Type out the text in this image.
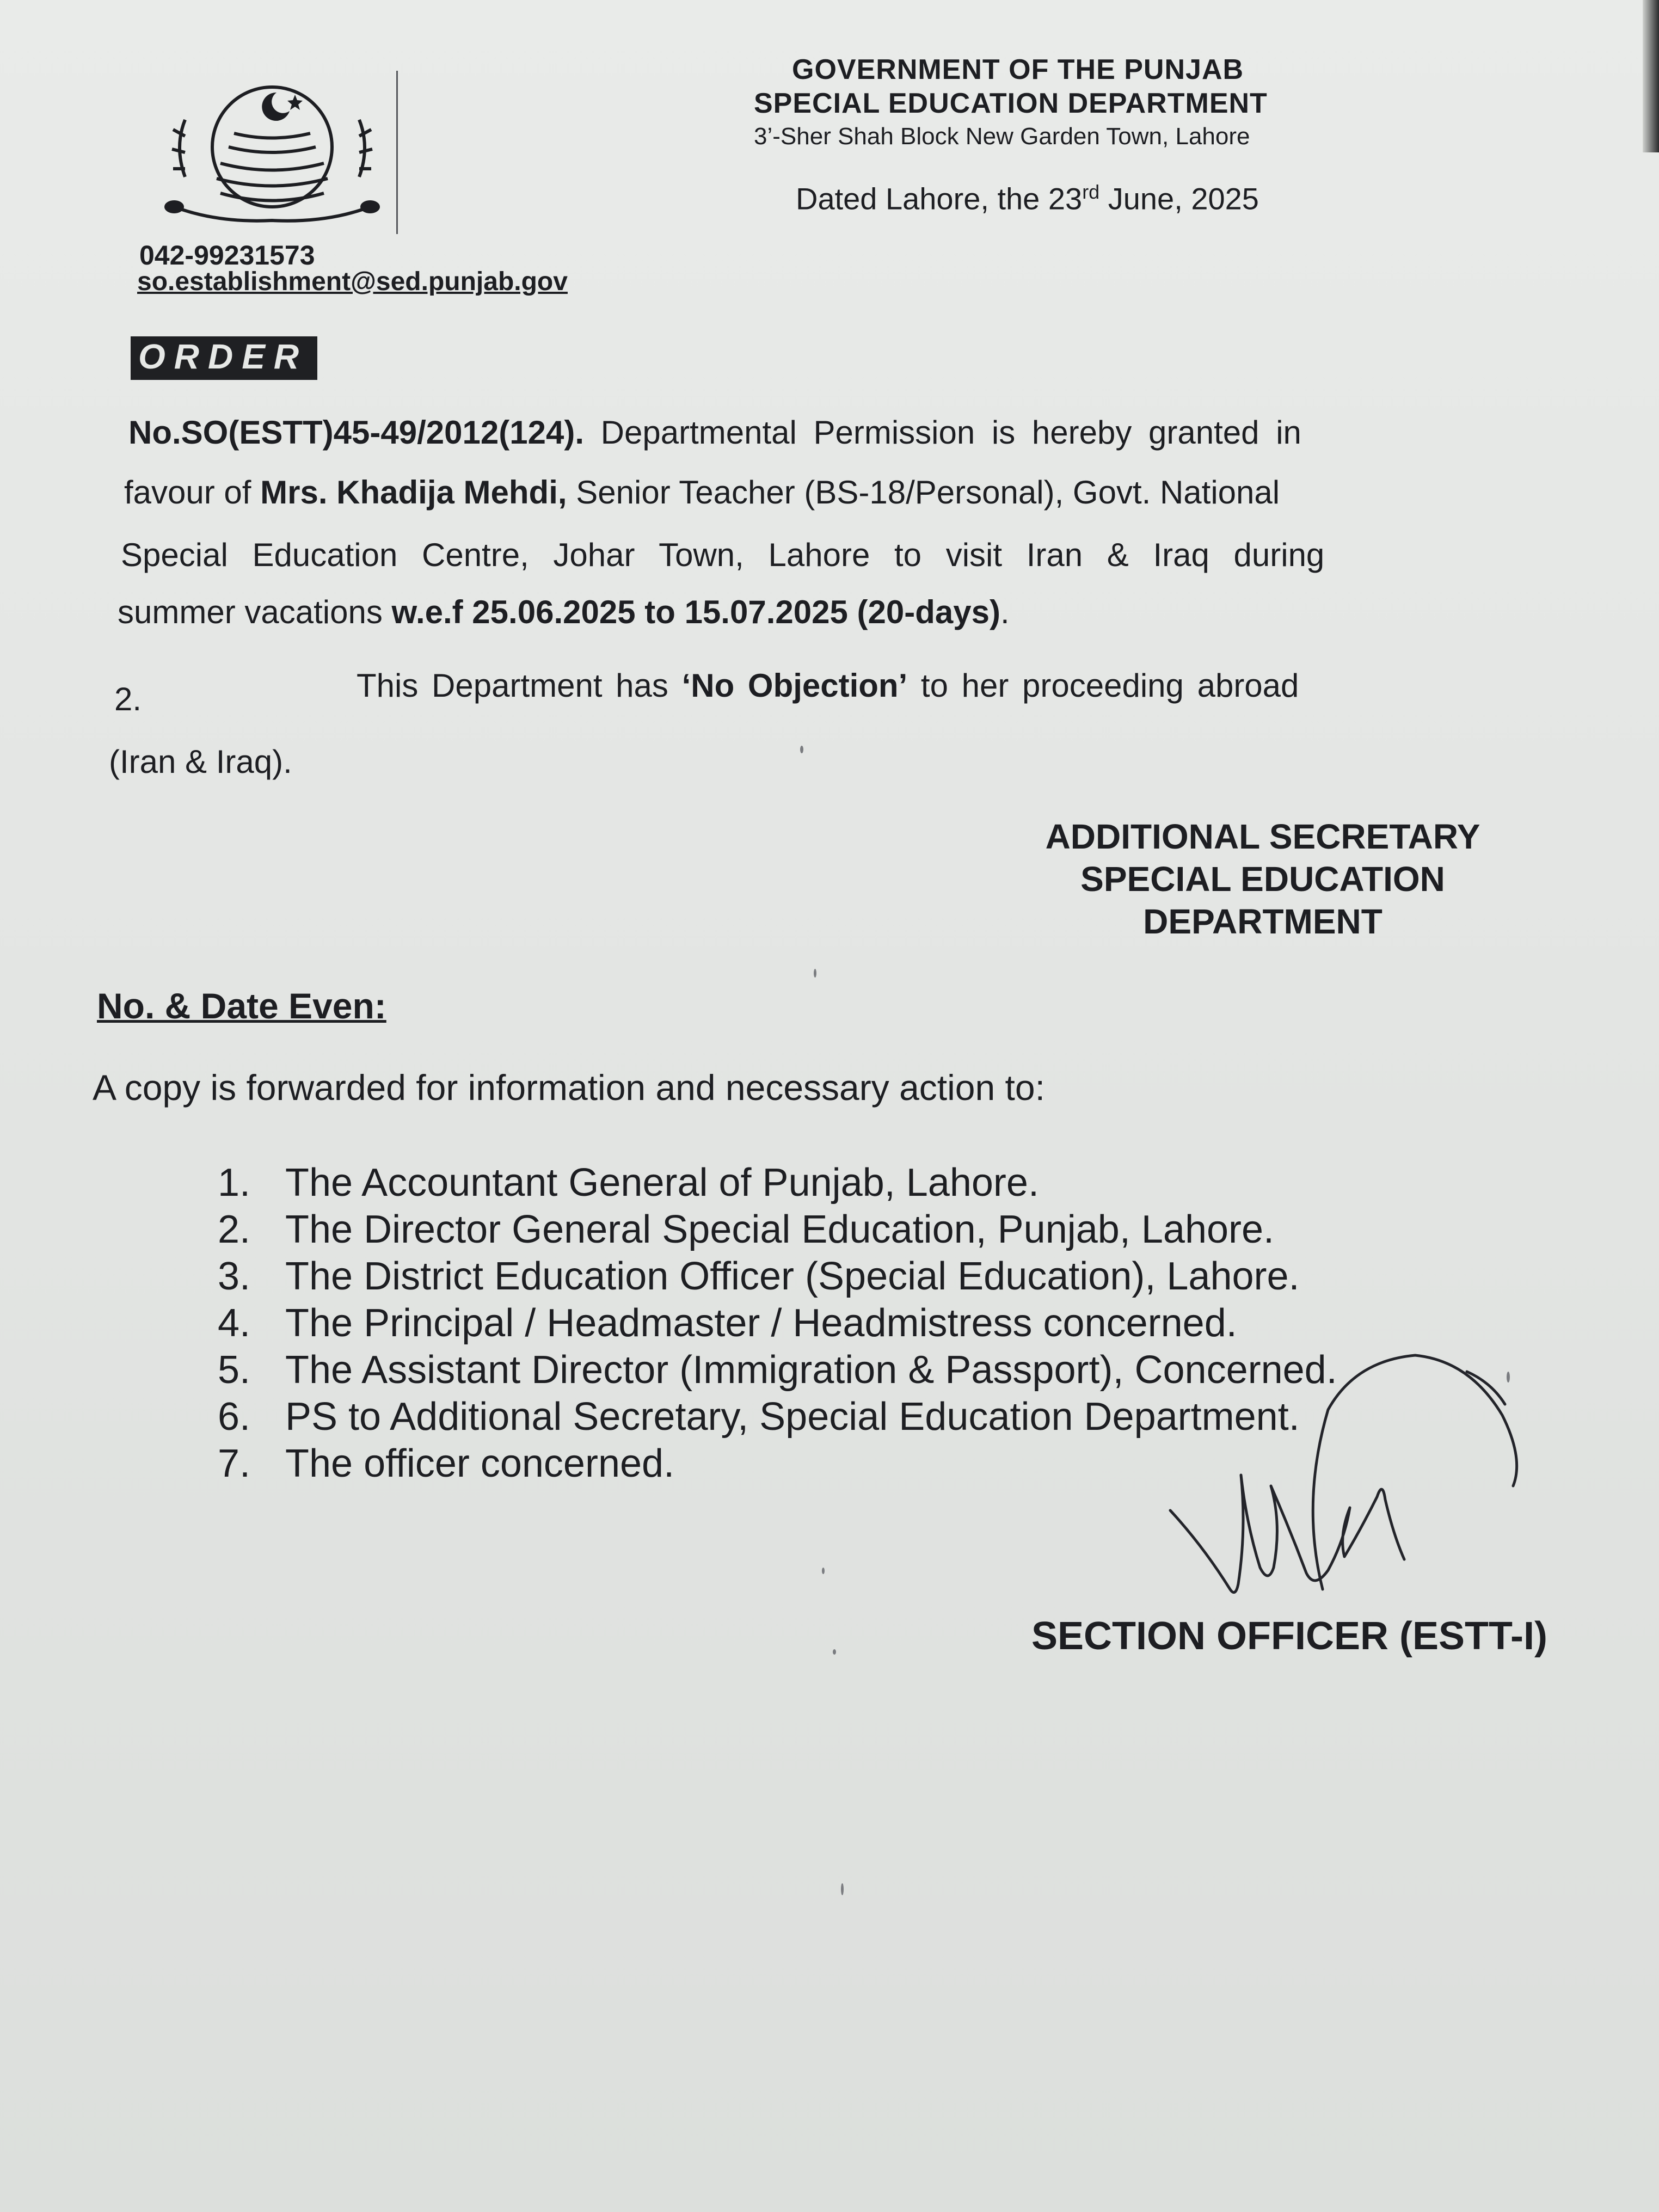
GOVERNMENT OF THE PUNJAB
SPECIAL EDUCATION DEPARTMENT
3’-Sher Shah Block New Garden Town, Lahore
Dated Lahore, the 23rd June, 2025
042-99231573
so.establishment@sed.punjab.gov
ORDER
No.SO(ESTT)45-49/2012(124). Departmental Permission is hereby granted in
favour of Mrs. Khadija Mehdi, Senior Teacher (BS-18/Personal), Govt. National
Special Education Centre, Johar Town, Lahore to visit Iran & Iraq during
summer vacations w.e.f 25.06.2025 to 15.07.2025 (20-days).
2.	This Department has ‘No Objection’ to her proceeding abroad
(Iran & Iraq).
ADDITIONAL SECRETARY
SPECIAL EDUCATION
DEPARTMENT
No. & Date Even:
A copy is forwarded for information and necessary action to:
1. The Accountant General of Punjab, Lahore.
2. The Director General Special Education, Punjab, Lahore.
3. The District Education Officer (Special Education), Lahore.
4. The Principal / Headmaster / Headmistress concerned.
5. The Assistant Director (Immigration & Passport), Concerned.
6. PS to Additional Secretary, Special Education Department.
7. The officer concerned.
SECTION OFFICER (ESTT-I)
